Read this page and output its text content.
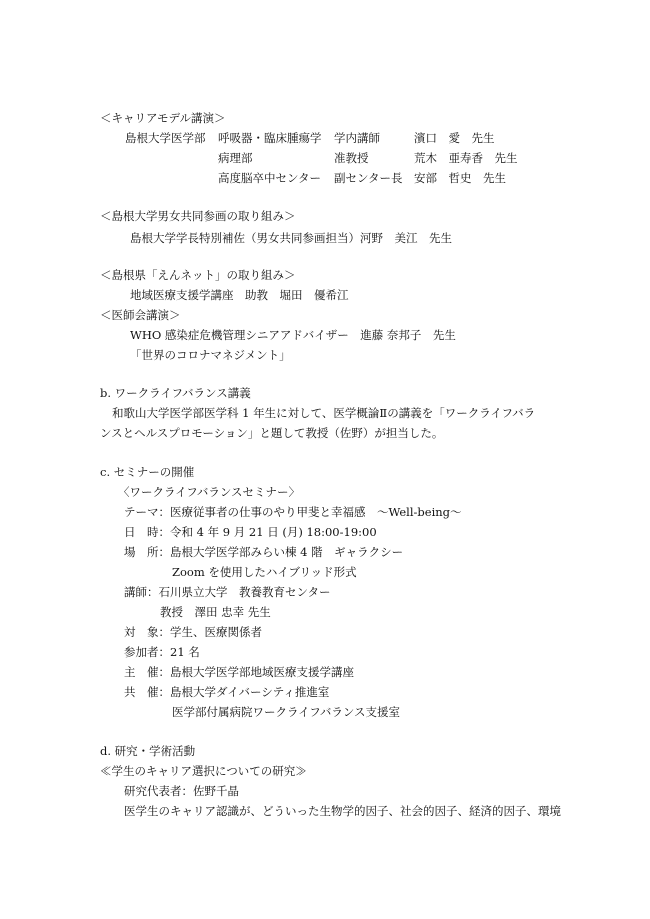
＜キャリアモデル講演＞
島根大学医学部 呼吸器・臨床腫瘍学 学内講師	濱口　愛　先生
病理部	准教授	荒木　亜寿香　先生
高度脳卒中センター 副センター長 安部　哲史　先生
＜島根大学男女共同参画の取り組み＞
島根大学学長特別補佐（男女共同参画担当）河野　美江　先生
＜島根県「えんネット」の取り組み＞
地域医療支援学講座　助教　堀田　優希江
＜医師会講演＞
WHO 感染症危機管理シニアアドバイザー　進藤 奈邦子　先生
「世界のコロナマネジメント」
b. ワークライフバランス講義
和歌山大学医学部医学科 1 年生に対して、医学概論Ⅱの講義を「ワークライフバラ
ンスとヘルスプロモーション」と題して教授（佐野）が担当した。
c. セミナーの開催
〈ワークライフバランスセミナー〉
テーマ：医療従事者の仕事のやり甲斐と幸福感　～Well-being～
日　時：令和 4 年 9 月 21 日 (月) 18:00-19:00
場　所：島根大学医学部みらい棟 4 階　ギャラクシー
Zoom を使用したハイブリッド形式
講師：石川県立大学　教養教育センター
教授　澤田 忠幸 先生
対　象：学生、医療関係者
参加者：21 名
主　催：島根大学医学部地域医療支援学講座
共　催：島根大学ダイバーシティ推進室
医学部付属病院ワークライフバランス支援室
d. 研究・学術活動
≪学生のキャリア選択についての研究≫
研究代表者：佐野千晶
医学生のキャリア認識が、どういった生物学的因子、社会的因子、経済的因子、環境
